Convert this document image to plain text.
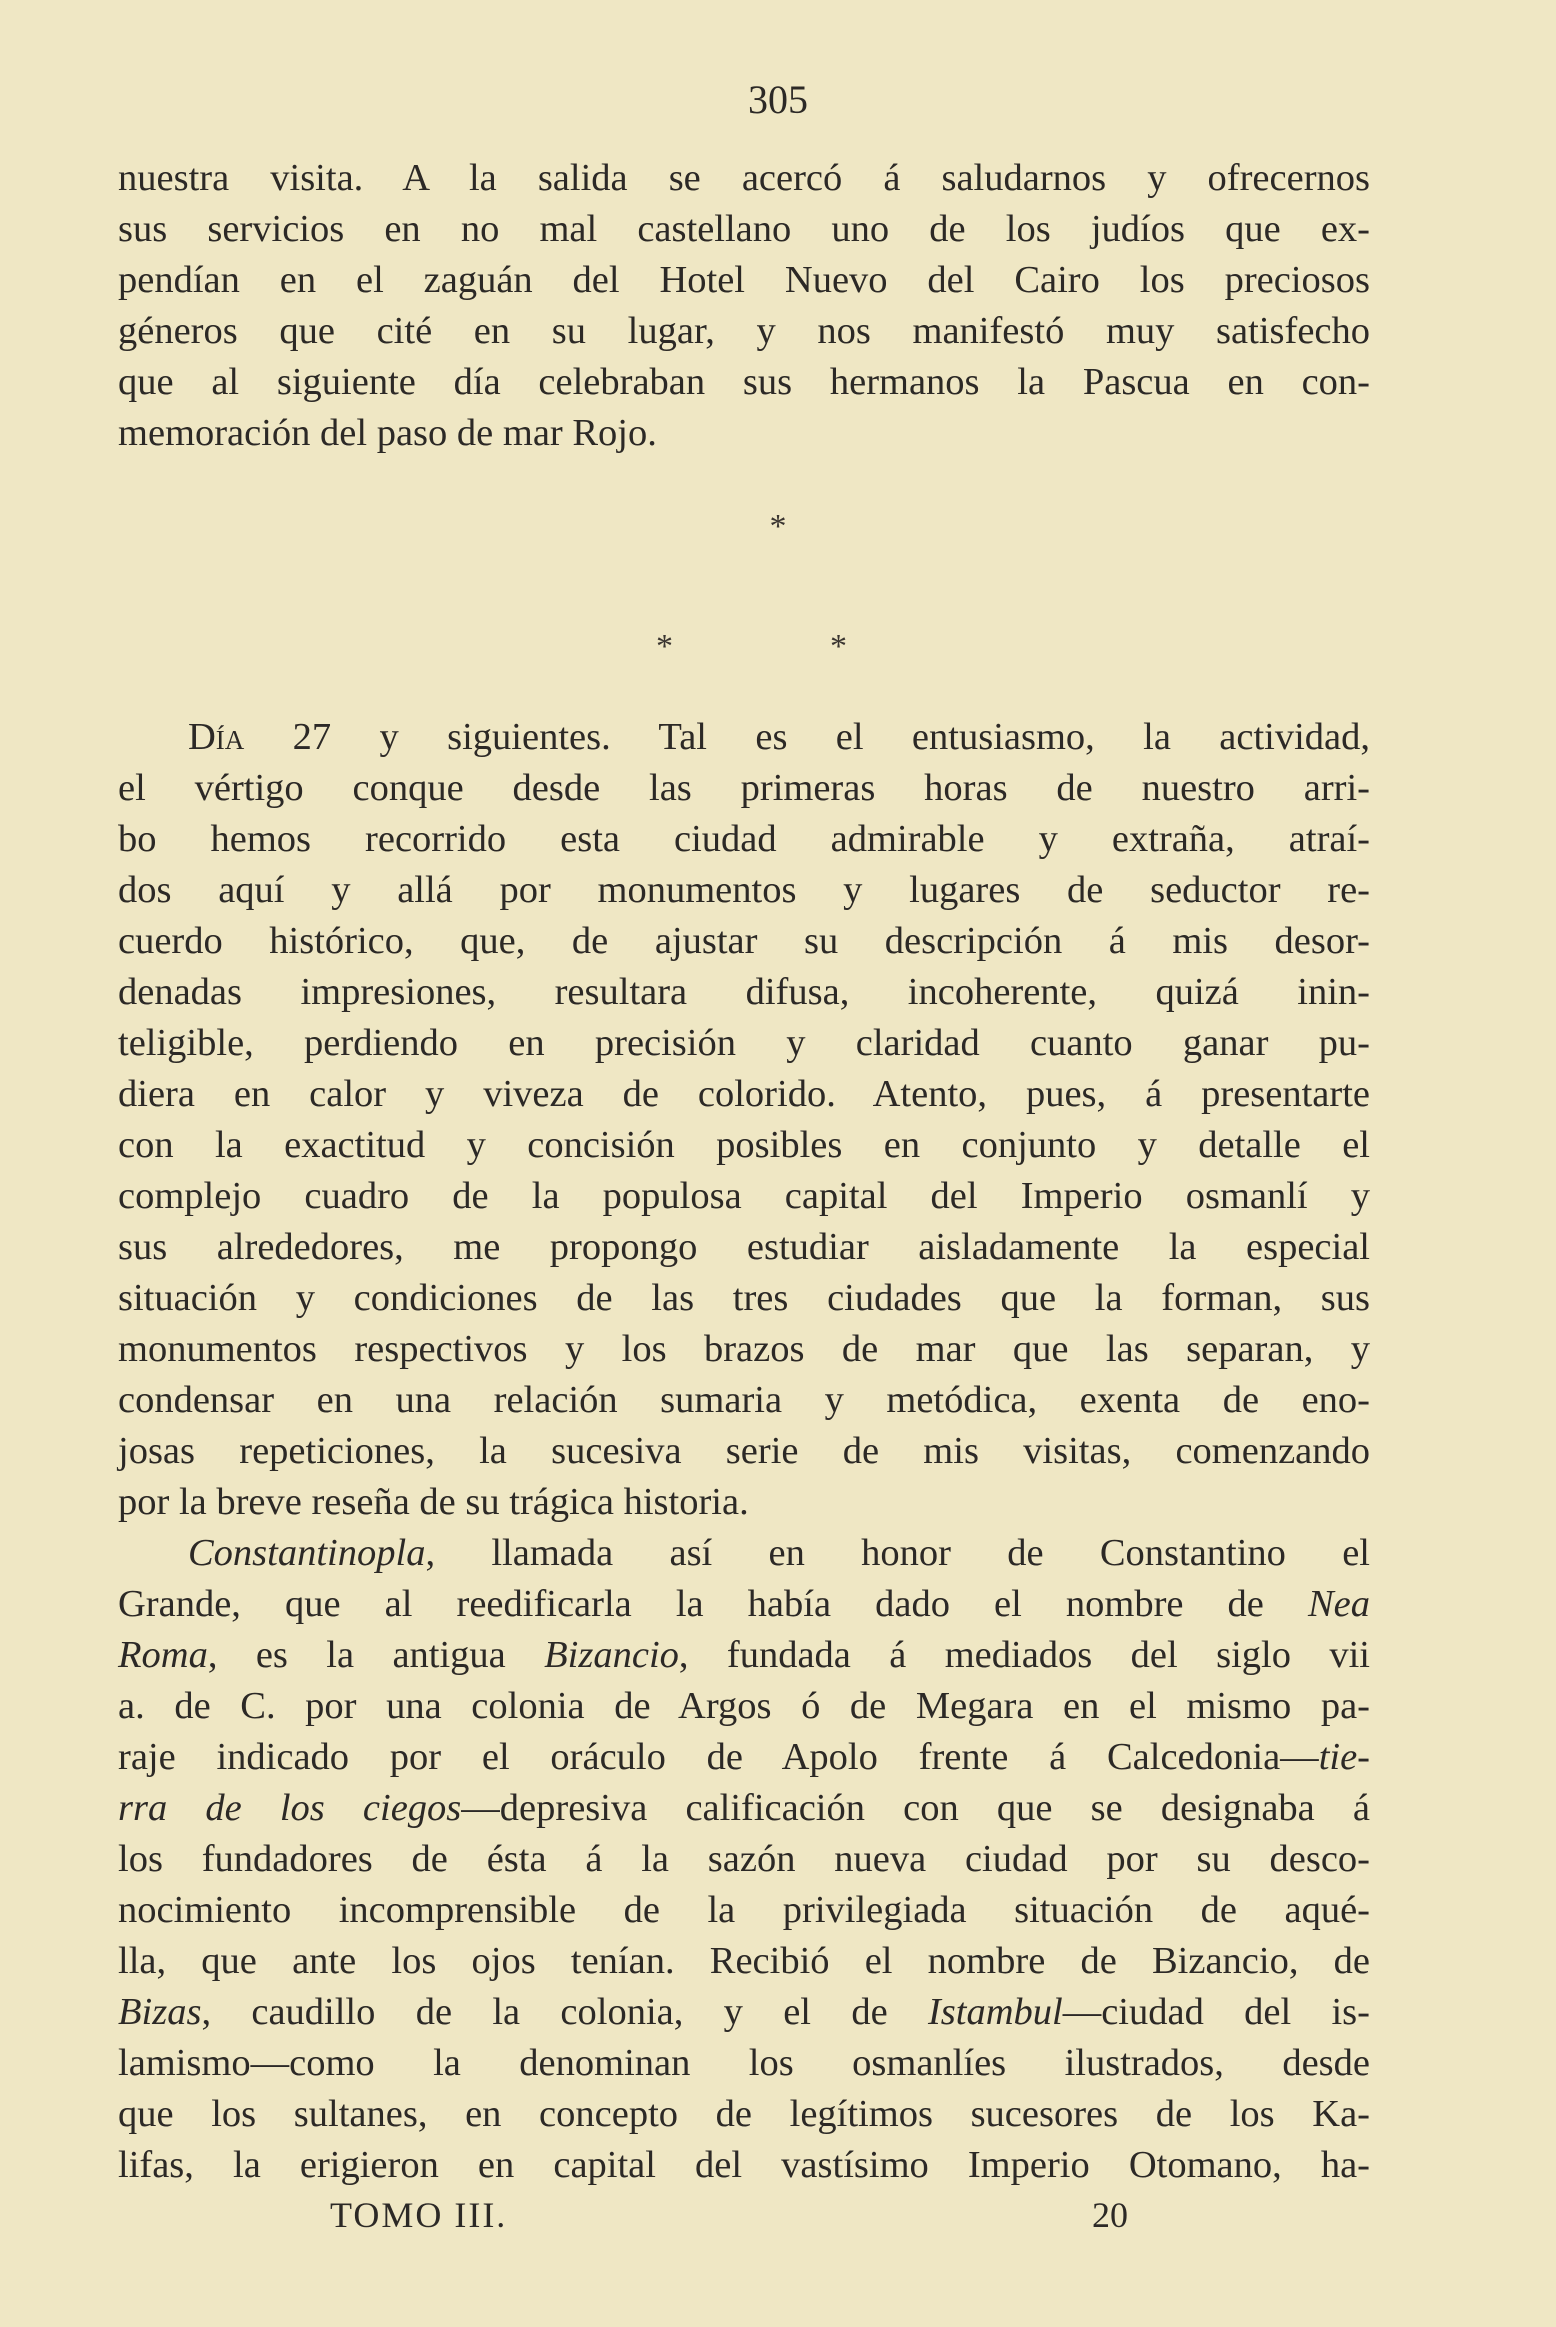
305
nuestra visita. A la salida se acercó á saludarnos y ofrecernos
sus servicios en no mal castellano uno de los judíos que ex-
pendían en el zaguán del Hotel Nuevo del Cairo los preciosos
géneros que cité en su lugar, y nos manifestó muy satisfecho
que al siguiente día celebraban sus hermanos la Pascua en con-
memoración del paso de mar Rojo.
*
*	*
Día 27 y siguientes. Tal es el entusiasmo, la actividad,
el vértigo conque desde las primeras horas de nuestro arri-
bo hemos recorrido esta ciudad admirable y extraña, atraí-
dos aquí y allá por monumentos y lugares de seductor re-
cuerdo histórico, que, de ajustar su descripción á mis desor-
denadas impresiones, resultara difusa, incoherente, quizá inin-
teligible, perdiendo en precisión y claridad cuanto ganar pu-
diera en calor y viveza de colorido. Atento, pues, á presentarte
con la exactitud y concisión posibles en conjunto y detalle el
complejo cuadro de la populosa capital del Imperio osmanlí y
sus alrededores, me propongo estudiar aisladamente la especial
situación y condiciones de las tres ciudades que la forman, sus
monumentos respectivos y los brazos de mar que las separan, y
condensar en una relación sumaria y metódica, exenta de eno-
josas repeticiones, la sucesiva serie de mis visitas, comenzando
por la breve reseña de su trágica historia.
Constantinopla, llamada así en honor de Constantino el
Grande, que al reedificarla la había dado el nombre de Nea
Roma, es la antigua Bizancio, fundada á mediados del siglo vii
a. de C. por una colonia de Argos ó de Megara en el mismo pa-
raje indicado por el oráculo de Apolo frente á Calcedonia—tie-
rra de los ciegos—depresiva calificación con que se designaba á
los fundadores de ésta á la sazón nueva ciudad por su desco-
nocimiento incomprensible de la privilegiada situación de aqué-
lla, que ante los ojos tenían. Recibió el nombre de Bizancio, de
Bizas, caudillo de la colonia, y el de Istambul—ciudad del is-
lamismo—como la denominan los osmanlíes ilustrados, desde
que los sultanes, en concepto de legítimos sucesores de los Ka-
lifas, la erigieron en capital del vastísimo Imperio Otomano, ha-
TOMO III.	20
